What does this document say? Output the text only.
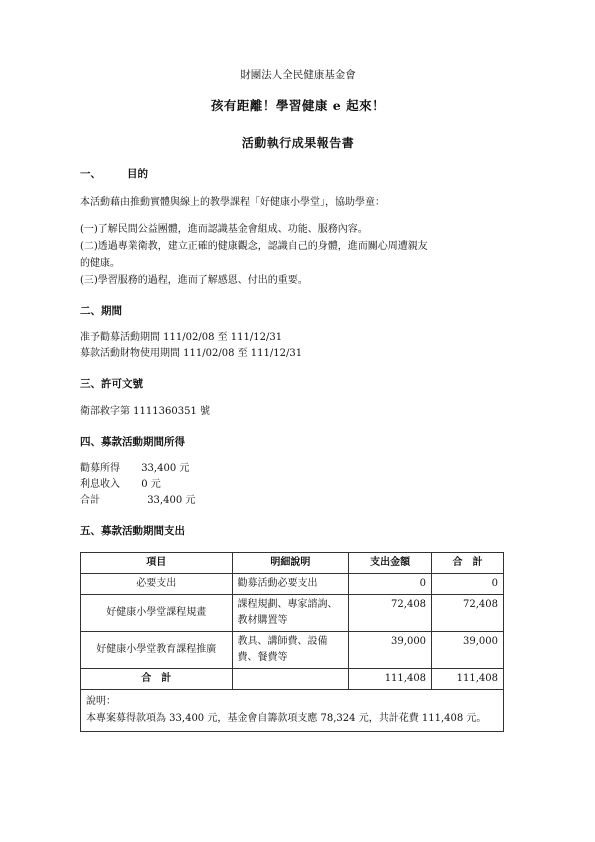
財團法人全民健康基金會

孩有距離！學習健康 e 起來！
活動執行成果報告書
一、 目的

本活動藉由推動實體與線上的教學課程「好健康小學堂」，協助學童：

(一)了解民間公益團體，進而認識基金會組成、功能、服務內容。

(二)透過專業衛教，建立正確的健康觀念，認識自己的身體，進而關心周遭親友

的健康。

(三)學習服務的過程，進而了解感恩、付出的重要。

二、期間

准予勸募活動期間 111/02/08 至 111/12/31

募款活動財物使用期間 111/02/08 至 111/12/31

三、許可文號

衛部救字第 1111360351 號

四、募款活動期間所得

勸募所得 33,400 元

利息收入 0 元

合計	33,400 元

五、募款活動期間支出
項目	明細說明	支出金額	合　計
必要支出	勸募活動必要支出	0	0
好健康小學堂課程規畫	課程規劃、專家諮詢、教材購置等	72,408	72,408
好健康小學堂教育課程推廣	教具、講師費、設備費、餐費等	39,000	39,000
合　計		111,408	111,408

說明：

本專案募得款項為 33,400 元，基金會自籌款項支應 78,324 元，共計花費 111,408 元。
